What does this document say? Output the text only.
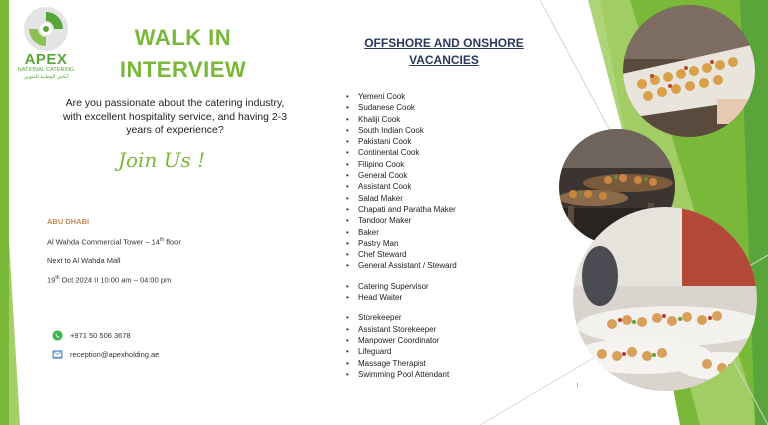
APEX
NATIONAL CATERING
أبكس الوطنية للتموين
WALK IN
INTERVIEW
Are you passionate about the catering industry, with excellent hospitality service, and having 2-3 years of experience?
Join Us !
ABU DHABI
Al Wahda Commercial Tower – 14th floor
Next to Al Wahda Mall
19th Oct 2024 II 10:00 am – 04:00 pm
+971 50 506 3678
reception@apexholding.ae
OFFSHORE AND ONSHORE
VACANCIES
• Yemeni Cook
• Sudanese Cook
• Khaliji Cook
• South Indian Cook
• Pakistani Cook
• Continental Cook
• Filipino Cook
• General Cook
• Assistant Cook
• Salad Maker
• Chapati and Paratha Maker
• Tandoor Maker
• Baker
• Pastry Man
• Chef Steward
• General Assistant / Steward
• Catering Supervisor
• Head Waiter
• Storekeeper
• Assistant Storekeeper
• Manpower Coordinator
• Lifeguard
• Massage Therapist
• Swimming Pool Attendant
❘
